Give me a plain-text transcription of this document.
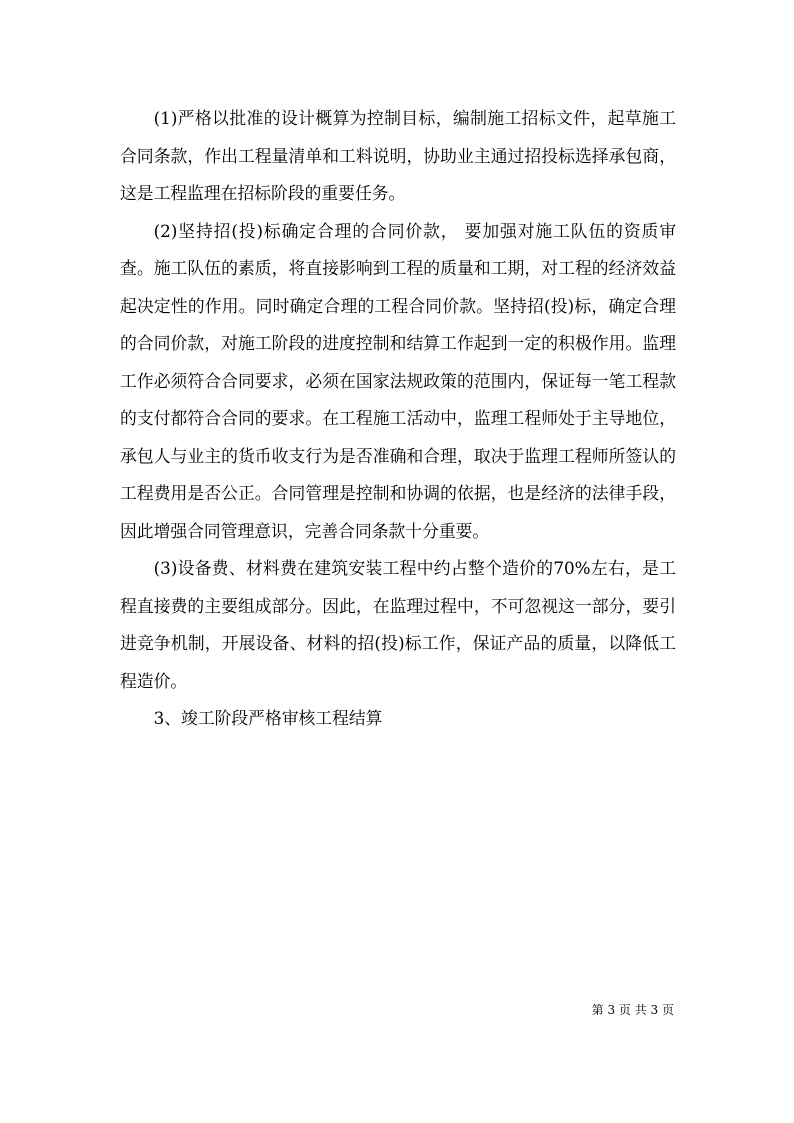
(1)严格以批准的设计概算为控制目标，编制施工招标文件，起草施工合同条款，作出工程量清单和工料说明，协助业主通过招投标选择承包商，这是工程监理在招标阶段的重要任务。

(2)坚持招(投)标确定合理的合同价款， 要加强对施工队伍的资质审查。施工队伍的素质，将直接影响到工程的质量和工期，对工程的经济效益起决定性的作用。同时确定合理的工程合同价款。坚持招(投)标，确定合理的合同价款，对施工阶段的进度控制和结算工作起到一定的积极作用。监理工作必须符合合同要求，必须在国家法规政策的范围内，保证每一笔工程款的支付都符合合同的要求。在工程施工活动中，监理工程师处于主导地位，承包人与业主的货币收支行为是否准确和合理，取决于监理工程师所签认的工程费用是否公正。合同管理是控制和协调的依据，也是经济的法律手段，因此增强合同管理意识，完善合同条款十分重要。

(3)设备费、材料费在建筑安装工程中约占整个造价的70%左右，是工程直接费的主要组成部分。因此，在监理过程中，不可忽视这一部分，要引进竞争机制，开展设备、材料的招(投)标工作，保证产品的质量，以降低工程造价。

3、竣工阶段严格审核工程结算

第 3 页 共 3 页
